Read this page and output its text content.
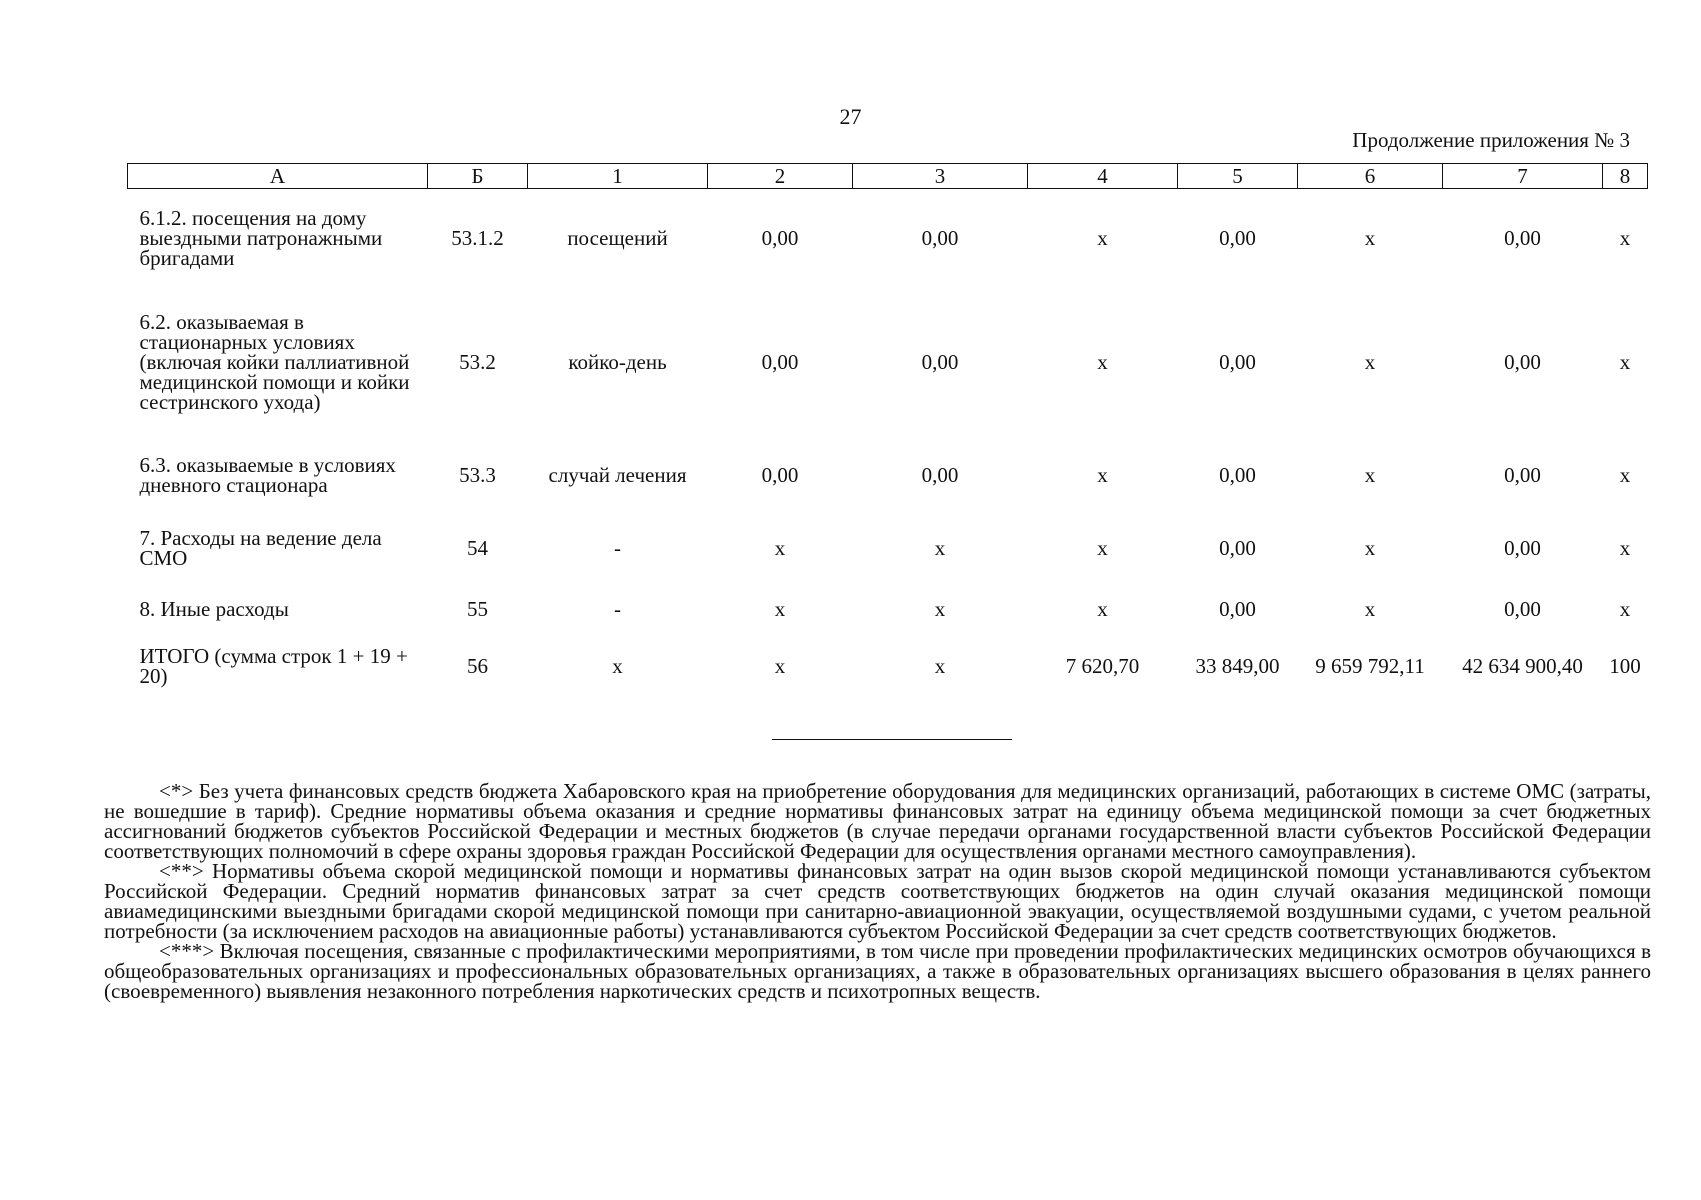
27
Продолжение приложения № 3
А	Б	1	2	3	4	5	6	7	8
6.1.2. посещения на дому выездными патронажными бригадами	53.1.2	посещений	0,00	0,00	х	0,00	х	0,00	х
6.2. оказываемая в стационарных условиях (включая койки паллиативной медицинской помощи и койки сестринского ухода)	53.2	койко-день	0,00	0,00	х	0,00	х	0,00	х
6.3. оказываемые в условиях дневного стационара	53.3	случай лечения	0,00	0,00	х	0,00	х	0,00	х
7. Расходы на ведение дела СМО	54	-	х	х	х	0,00	х	0,00	х
8. Иные расходы	55	-	х	х	х	0,00	х	0,00	х
ИТОГО (сумма строк 1 + 19 + 20)	56	х	х	х	7 620,70	33 849,00	9 659 792,11	42 634 900,40	100

<*> Без учета финансовых средств бюджета Хабаровского края на приобретение оборудования для медицинских организаций, работающих в системе ОМС (затраты, не вошедшие в тариф). Средние нормативы объема оказания и средние нормативы финансовых затрат на единицу объема медицинской помощи за счет бюджетных ассигнований бюджетов субъектов Российской Федерации и местных бюджетов (в случае передачи органами государственной власти субъектов Российской Федерации соответствующих полномочий в сфере охраны здоровья граждан Российской Федерации для осуществления органами местного самоуправления).

<**> Нормативы объема скорой медицинской помощи и нормативы финансовых затрат на один вызов скорой медицинской помощи устанавливаются субъектом Российской Федерации. Средний норматив финансовых затрат за счет средств соответствующих бюджетов на один случай оказания медицинской помощи авиамедицинскими выездными бригадами скорой медицинской помощи при санитарно-авиационной эвакуации, осуществляемой воздушными судами, с учетом реальной потребности (за исключением расходов на авиационные работы) устанавливаются субъектом Российской Федерации за счет средств соответствующих бюджетов.

<***> Включая посещения, связанные с профилактическими мероприятиями, в том числе при проведении профилактических медицинских осмотров обучающихся в общеобразовательных организациях и профессиональных образовательных организациях, а также в образовательных организациях высшего образования в целях раннего (своевременного) выявления незаконного потребления наркотических средств и психотропных веществ.
